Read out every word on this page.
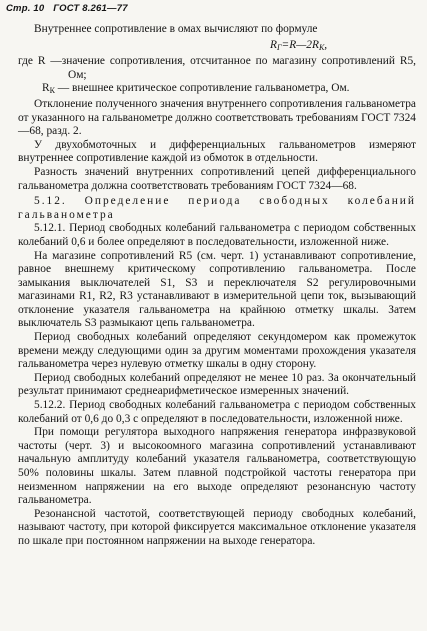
Стр. 10 ГОСТ 8.261—77

Внутреннее сопротивление в омах вычисляют по формуле

$R_Г=R—2R_К$,

где R —значение сопротивления, отсчитанное по магазину сопротивлений R5, Ом;

$R_К$ — внешнее критическое сопротивление гальванометра, Ом.

Отклонение полученного значения внутреннего сопротивления гальванометра от указанного на гальванометре должно соответствовать требованиям ГОСТ 7324—68, разд. 2.

У двухобмоточных и дифференциальных гальванометров измеряют внутреннее сопротивление каждой из обмоток в отдельности.

Разность значений внутренних сопротивлений цепей дифференциального гальванометра должна соответствовать требованиям ГОСТ 7324—68.

5.12. Определение периода свободных колебаний гальванометра

5.12.1. Период свободных колебаний гальванометра с периодом собственных колебаний 0,6 и более определяют в последовательности, изложенной ниже.

На магазине сопротивлений R5 (см. черт. 1) устанавливают сопротивление, равное внешнему критическому сопротивлению гальванометра. После замыкания выключателей S1, S3 и переключателя S2 регулировочными магазинами R1, R2, R3 устанавливают в измерительной цепи ток, вызывающий отклонение указателя гальванометра на крайнюю отметку шкалы. Затем выключатель S3 размыкают цепь гальванометра.

Период свободных колебаний определяют секундомером как промежуток времени между следующими один за другим моментами прохождения указателя гальванометра через нулевую отметку шкалы в одну сторону.

Период свободных колебаний определяют не менее 10 раз. За окончательный результат принимают среднеарифметическое измеренных значений.

5.12.2. Период свободных колебаний гальванометра с периодом собственных колебаний от 0,6 до 0,3 с определяют в последовательности, изложенной ниже.

При помощи регулятора выходного напряжения генератора инфразвуковой частоты (черт. 3) и высокоомного магазина сопротивлений устанавливают начальную амплитуду колебаний указателя гальванометра, соответствующую 50% половины шкалы. Затем плавной подстройкой частоты генератора при неизменном напряжении на его выходе определяют резонансную частоту гальванометра.

Резонансной частотой, соответствующей периоду свободных колебаний, называют частоту, при которой фиксируется максимальное отклонение указателя по шкале при постоянном напряжении на выходе генератора.
